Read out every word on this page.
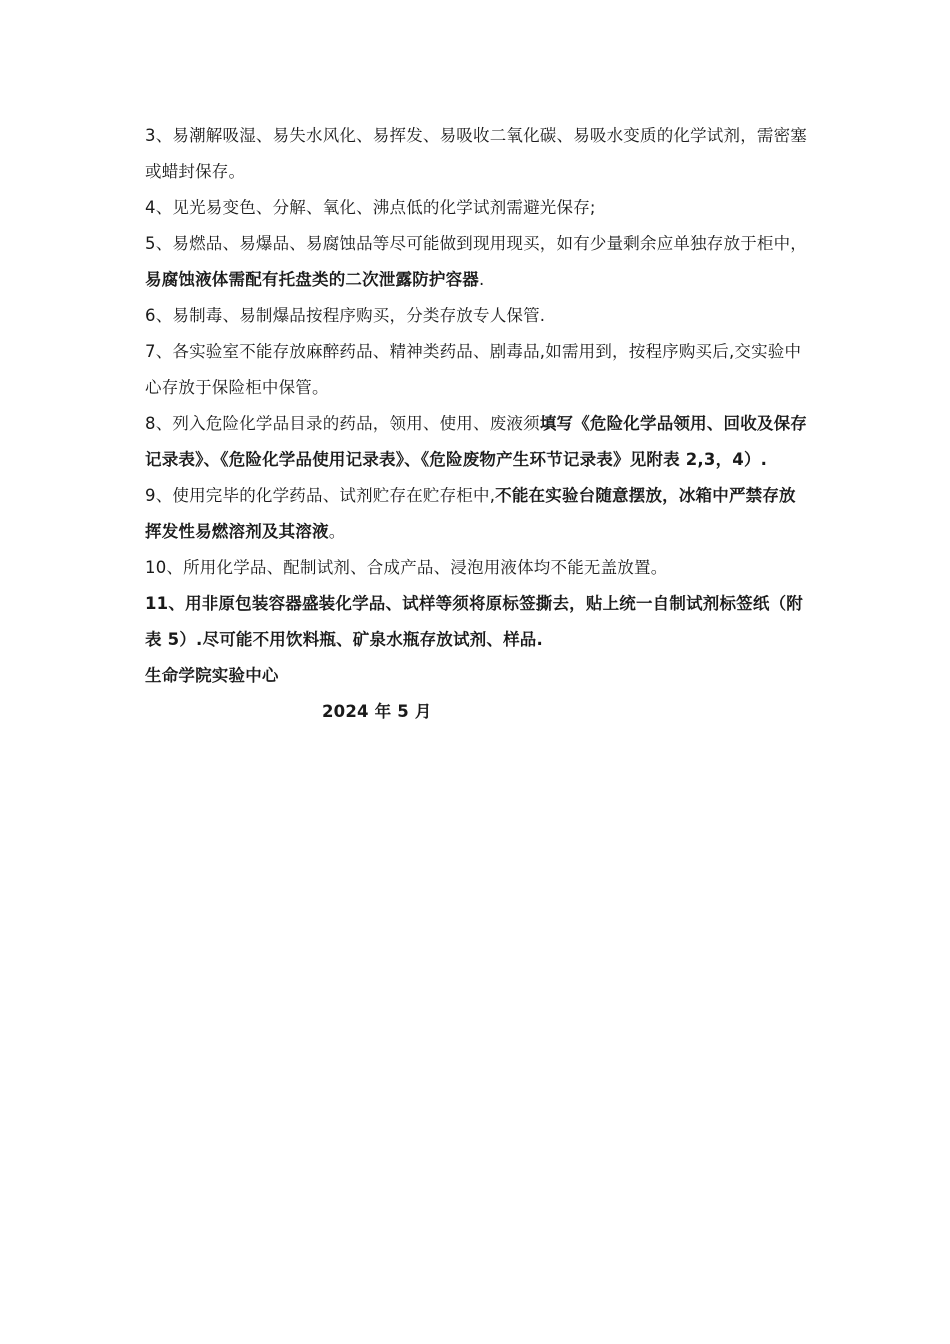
3、易潮解吸湿、易失水风化、易挥发、易吸收二氧化碳、易吸水变质的化学试剂，需密塞或蜡封保存。

4、见光易变色、分解、氧化、沸点低的化学试剂需避光保存;

5、易燃品、易爆品、易腐蚀品等尽可能做到现用现买，如有少量剩余应单独存放于柜中，易腐蚀液体需配有托盘类的二次泄露防护容器.

6、易制毒、易制爆品按程序购买，分类存放专人保管.

7、各实验室不能存放麻醉药品、精神类药品、剧毒品,如需用到，按程序购买后,交实验中心存放于保险柜中保管。

8、列入危险化学品目录的药品，领用、使用、废液须填写《危险化学品领用、回收及保存记录表》、《危险化学品使用记录表》、《危险废物产生环节记录表》见附表 2,3，4）.

9、使用完毕的化学药品、试剂贮存在贮存柜中,不能在实验台随意摆放，冰箱中严禁存放挥发性易燃溶剂及其溶液。

10、所用化学品、配制试剂、合成产品、浸泡用液体均不能无盖放置。

11、用非原包装容器盛装化学品、试样等须将原标签撕去，贴上统一自制试剂标签纸（附表 5）.尽可能不用饮料瓶、矿泉水瓶存放试剂、样品.

生命学院实验中心

2024 年 5 月
